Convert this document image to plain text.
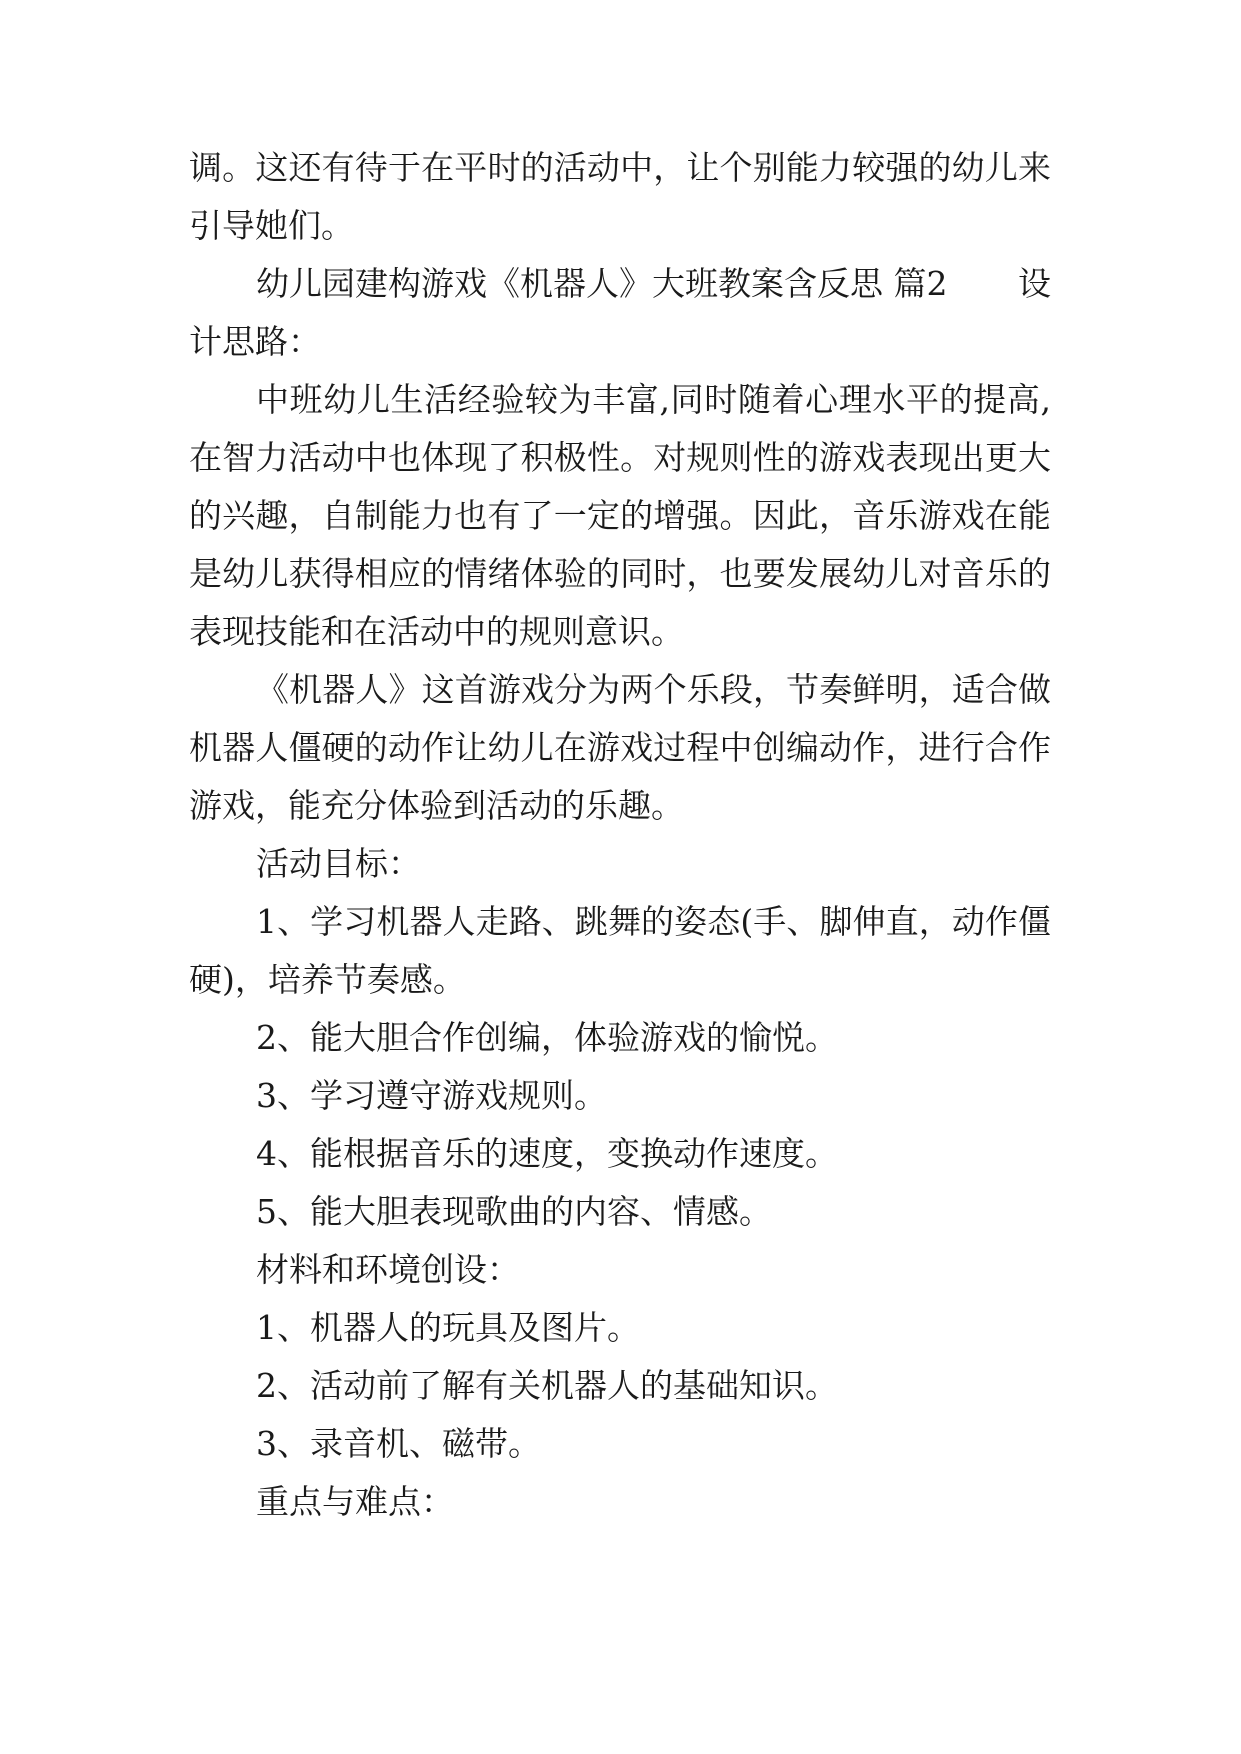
调。这还有待于在平时的活动中，让个别能力较强的幼儿来
引导她们。
幼儿园建构游戏《机器人》大班教案含反思 篇2 设
计思路：
中班幼儿生活经验较为丰富,同时随着心理水平的提高,
在智力活动中也体现了积极性。对规则性的游戏表现出更大
的兴趣，自制能力也有了一定的增强。因此，音乐游戏在能
是幼儿获得相应的情绪体验的同时，也要发展幼儿对音乐的
表现技能和在活动中的规则意识。
《机器人》这首游戏分为两个乐段，节奏鲜明，适合做
机器人僵硬的动作让幼儿在游戏过程中创编动作，进行合作
游戏，能充分体验到活动的乐趣。
活动目标：
1、学习机器人走路、跳舞的姿态(手、脚伸直，动作僵
硬)，培养节奏感。
2、能大胆合作创编，体验游戏的愉悦。
3、学习遵守游戏规则。
4、能根据音乐的速度，变换动作速度。
5、能大胆表现歌曲的内容、情感。
材料和环境创设：
1、机器人的玩具及图片。
2、活动前了解有关机器人的基础知识。
3、录音机、磁带。
重点与难点：
